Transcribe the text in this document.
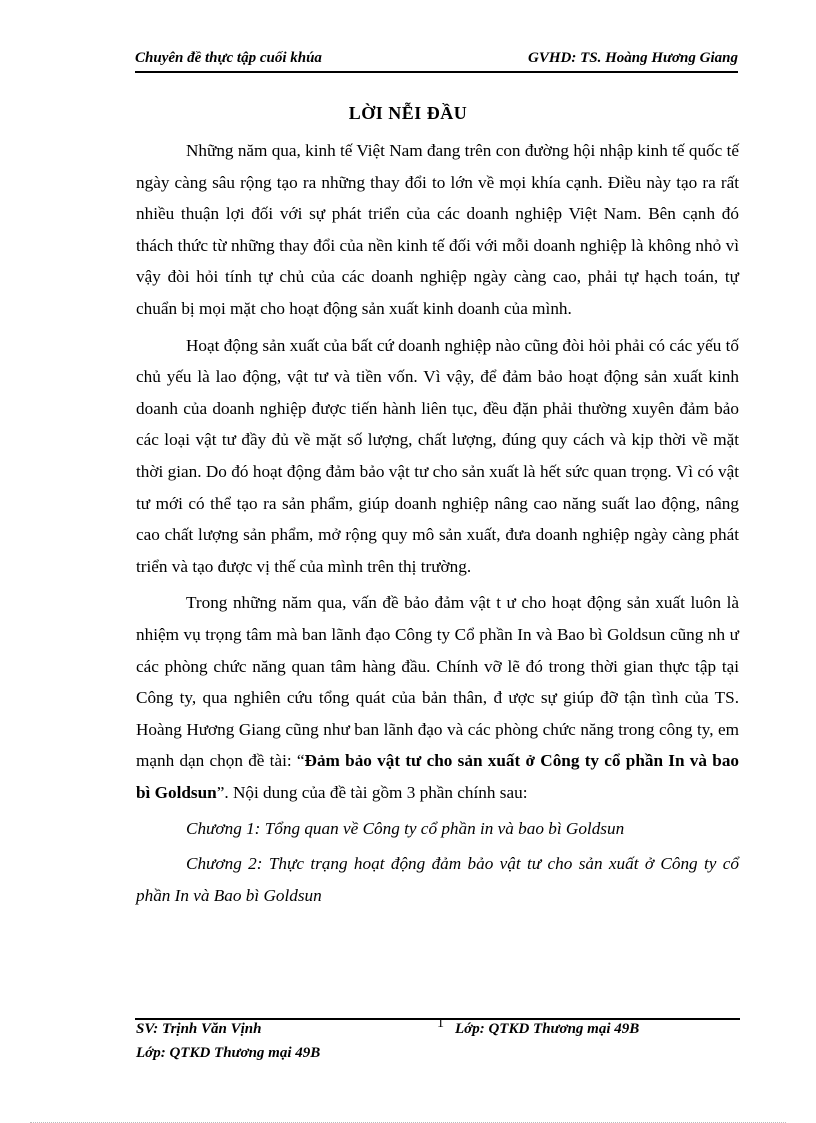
Chuyên đề thực tập cuối khúa	GVHD: TS. Hoàng Hương Giang
LỜI NỄI ĐẦU

Những năm qua, kinh tế Việt Nam đang trên con đường hội nhập kinh tế quốc tế ngày càng sâu rộng tạo ra những thay đổi to lớn về mọi khía cạnh. Điều này tạo ra rất nhiều thuận lợi đối với sự phát triển của các doanh nghiệp Việt Nam. Bên cạnh đó thách thức từ những thay đổi của nền kinh tế đối với mỗi doanh nghiệp là không nhỏ vì vậy đòi hỏi tính tự chủ của các doanh nghiệp ngày càng cao, phải tự hạch toán, tự chuẩn bị mọi mặt cho hoạt động sản xuất kinh doanh của mình.

Hoạt động sản xuất của bất cứ doanh nghiệp nào cũng đòi hỏi phải có các yếu tố chủ yếu là lao động, vật tư và tiền vốn. Vì vậy, để đảm bảo hoạt động sản xuất kinh doanh của doanh nghiệp được tiến hành liên tục, đều đặn phải thường xuyên đảm bảo các loại vật tư đầy đủ về mặt số lượng, chất lượng, đúng quy cách và kịp thời về mặt thời gian. Do đó hoạt động đảm bảo vật tư cho sản xuất là hết sức quan trọng. Vì có vật tư mới có thể tạo ra sản phẩm, giúp doanh nghiệp nâng cao năng suất lao động, nâng cao chất lượng sản phẩm, mở rộng quy mô sản xuất, đưa doanh nghiệp ngày càng phát triển và tạo được vị thế của mình trên thị trường.

Trong những năm qua, vấn đề bảo đảm vật t ư cho hoạt động sản xuất luôn là nhiệm vụ trọng tâm mà ban lãnh đạo Công ty Cổ phần In và Bao bì Goldsun cũng nh ư các phòng chức năng quan tâm hàng đầu. Chính vỡ lẽ đó trong thời gian thực tập tại Công ty, qua nghiên cứu tổng quát của bản thân, đ ược sự giúp đỡ tận tình của TS. Hoàng Hương Giang cũng như ban lãnh đạo và các phòng chức năng trong công ty, em mạnh dạn chọn đề tài: “Đảm bảo vật tư cho sản xuất ở Công ty cổ phần In và bao bì Goldsun”. Nội dung của đề tài gồm 3 phần chính sau:

Chương 1: Tổng quan về Công ty cổ phần in và bao bì Goldsun

Chương 2: Thực trạng hoạt động đảm bảo vật tư cho sản xuất ở Công ty cổ phần In và Bao bì Goldsun

SV: Trịnh Văn Vịnh	1 Lớp: QTKD Thương mại 49B
Lớp: QTKD Thương mại 49B
